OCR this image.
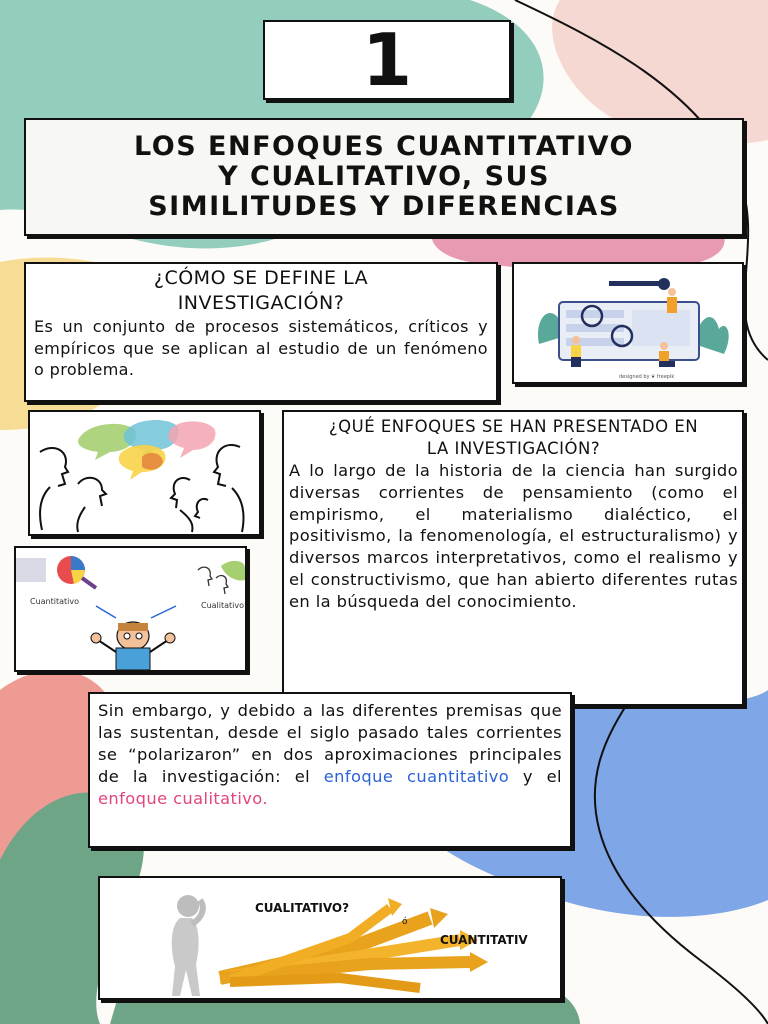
1
LOS ENFOQUES CUANTITATIVO
Y CUALITATIVO, SUS
SIMILITUDES Y DIFERENCIAS
¿CÓMO SE DEFINE LA
INVESTIGACIÓN?
Es un conjunto de procesos sistemáticos, críticos y empíricos que se aplican al estudio de un fenómeno o problema.	designed by ❦ freepik
Cuantitativo	Cualitativo
¿QUÉ ENFOQUES SE HAN PRESENTADO EN
LA INVESTIGACIÓN?
A lo largo de la historia de la ciencia han surgido diversas corrientes de pensamiento (como el empirismo, el materialismo dialéctico, el positivismo, la fenomenología, el estructuralismo) y diversos marcos interpretativos, como el realismo y el constructivismo, que han abierto diferentes rutas en la búsqueda del conocimiento.
Sin embargo, y debido a las diferentes premisas que las sustentan, desde el siglo pasado tales corrientes se “polarizaron” en dos aproximaciones principales de la investigación: el enfoque cuantitativo y el enfoque cualitativo.
CUALITATIVO?
ó
CUANTITATIV
